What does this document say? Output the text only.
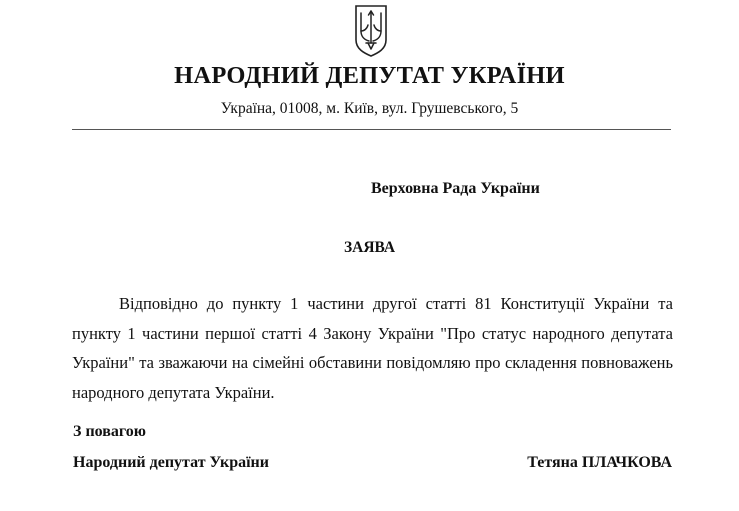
НАРОДНИЙ ДЕПУТАТ УКРАЇНИ
Україна, 01008, м. Київ, вул. Грушевського, 5
Верховна Рада України
ЗАЯВА

Відповідно до пункту 1 частини другої статті 81 Конституції України та пункту 1 частини першої статті 4 Закону України "Про статус народного депутата України" та зважаючи на сімейні обставини повідомляю про складення повноважень народного депутата України.

З повагою
Народний депутат України	Тетяна ПЛАЧКОВА
